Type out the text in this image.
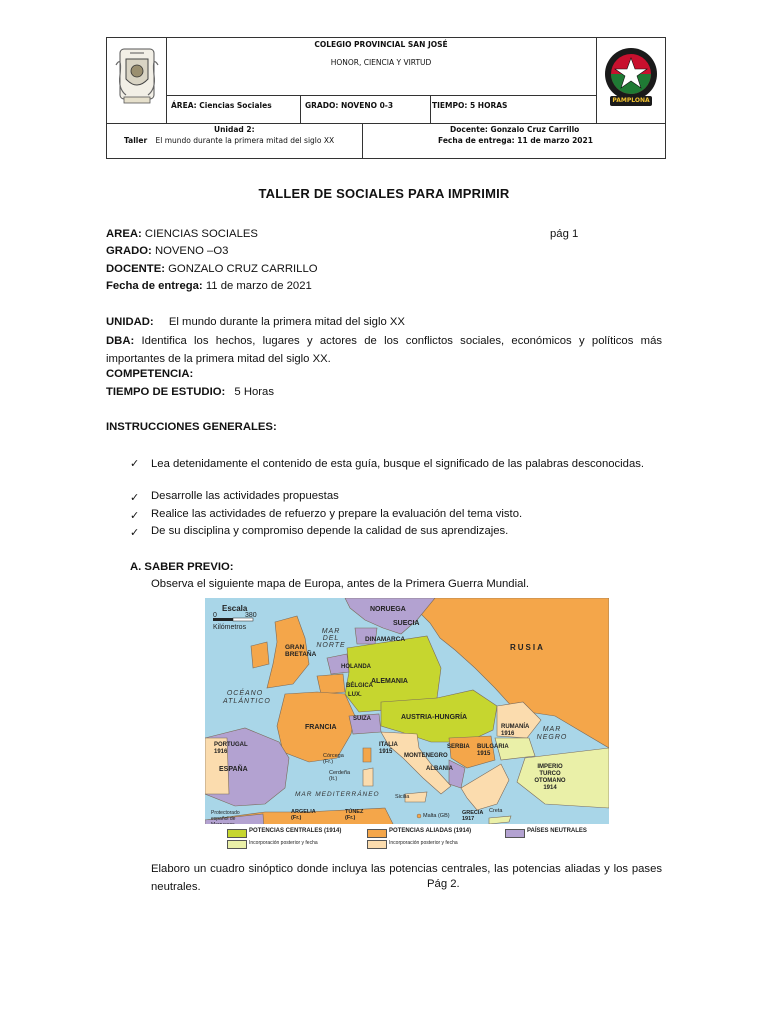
COLEGIO PROVINCIAL SAN JOSÉ
HONOR, CIENCIA Y VIRTUD
ÁREA: Ciencias Sociales	GRADO: NOVENO 0-3	TIEMPO: 5 HORAS
PAMPLONA
Unidad 2:
Taller El mundo durante la primera mitad del siglo XX
Docente: Gonzalo Cruz Carrillo
Fecha de entrega: 11 de marzo 2021
TALLER DE SOCIALES PARA IMPRIMIR
AREA: CIENCIAS SOCIALES	pág 1
GRADO: NOVENO –O3
DOCENTE: GONZALO CRUZ CARRILLO
Fecha de entrega: 11 de marzo de 2021
UNIDAD: El mundo durante la primera mitad del siglo XX
DBA: Identifica los hechos, lugares y actores de los conflictos sociales, económicos y políticos más importantes de la primera mitad del siglo XX.
COMPETENCIA:
TIEMPO DE ESTUDIO: 5 Horas
INSTRUCCIONES GENERALES:
✓ Lea detenidamente el contenido de esta guía, busque el significado de las palabras desconocidas.
✓ Desarrolle las actividades propuestas
✓ Realice las actividades de refuerzo y prepare la evaluación del tema visto.
✓ De su disciplina y compromiso depende la calidad de sus aprendizajes.
A. SABER PREVIO:
Observa el siguiente mapa de Europa, antes de la Primera Guerra Mundial.
Escala
0	380
Kilómetros
NORUEGA
SUECIA
DINAMARCA
RUSIA
GRAN BRETAÑA
HOLANDA
BÉLGICA
LUX.
ALEMANIA
FRANCIA
SUIZA	AUSTRIA-HUNGRÍA
RUMANÍA 1916
ITALIA 1915
MONTENEGRO
SERBIA BULGARIA 1915
ALBANIA
PORTUGAL 1916
ESPAÑA
Córcega (Fr.)
Cerdeña (It.)
IMPERIO TURCO OTOMANO 1914
GRECIA 1917
Sicilia
Malta (GB)
Creta
Protectorado español de
ARGELIA (Fr.)
TÚNEZ (Fr.)
MAR DEL NORTE
OCÉANO ATLÁNTICO
MAR NEGRO
MAR MEDITERRÁNEO
POTENCIAS CENTRALES (1914)
Incorporación posterior y fecha
POTENCIAS ALIADAS (1914)
Incorporación posterior y fecha
PAÍSES NEUTRALES
Elaboro un cuadro sinóptico donde incluya las potencias centrales, las potencias aliadas y los pases neutrales.	Pág 2.
